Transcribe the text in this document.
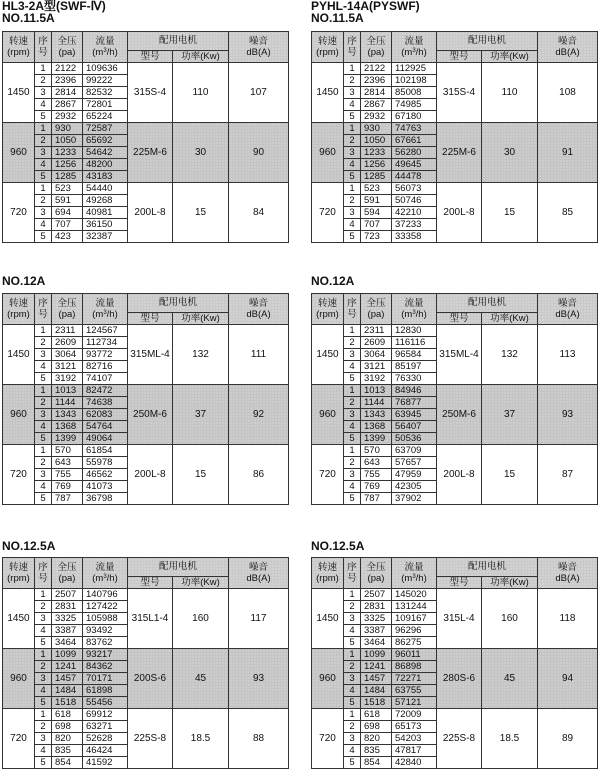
HL3-2A型(SWF-Ⅳ)
NO.11.5A
转速
(rpm)	序
号	全压
(pa)	流量
$(m^3/h)$	配用电机		噪音
dB(A)
				型号	功率(Kw)	
1450	1	2122	109636	315S-4	110	107
	2	2396	99222			
	3	2814	82532			
	4	2867	72801			
	5	2932	65224			
960	1	930	72587	225M-6	30	90
	2	1050	65692			
	3	1233	54642			
	4	1256	48200			
	5	1285	43183			
720	1	523	54440	200L-8	15	84
	2	591	49268			
	3	694	40981			
	4	707	36150			
	5	423	32387			
PYHL-14A(PYSWF)
NO.11.5A
转速
(rpm)	序
号	全压
(pa)	流量
$(m^3/h)$	配用电机		噪音
dB(A)
				型号	功率(Kw)	
1450	1	2122	112925	315S-4	110	108
	2	2396	102198			
	3	2814	85008			
	4	2867	74985			
	5	2932	67180			
960	1	930	74763	225M-6	30	91
	2	1050	67661			
	3	1233	56280			
	4	1256	49645			
	5	1285	44478			
720	1	523	56073	200L-8	15	85
	2	591	50746			
	3	594	42210			
	4	707	37233			
	5	723	33358			
NO.12A
转速
(rpm)	序
号	全压
(pa)	流量
$(m^3/h)$	配用电机		噪音
dB(A)
				型号	功率(Kw)	
1450	1	2311	124567	315ML-4	132	111
	2	2609	112734			
	3	3064	93772			
	4	3121	82716			
	5	3192	74107			
960	1	1013	82472	250M-6	37	92
	2	1144	74638			
	3	1343	62083			
	4	1368	54764			
	5	1399	49064			
720	1	570	61854	200L-8	15	86
	2	643	55978			
	3	755	46562			
	4	769	41073			
	5	787	36798			
NO.12A
转速
(rpm)	序
号	全压
(pa)	流量
$(m^3/h)$	配用电机		噪音
dB(A)
				型号	功率(Kw)	
1450	1	2311	12830	315ML-4	132	113
	2	2609	116116			
	3	3064	96584			
	4	3121	85197			
	5	3192	76330			
960	1	1013	84946	250M-6	37	93
	2	1144	76877			
	3	1343	63945			
	4	1368	56407			
	5	1399	50536			
720	1	570	63709	200L-8	15	87
	2	643	57657			
	3	755	47959			
	4	769	42305			
	5	787	37902			
NO.12.5A
转速
(rpm)	序
号	全压
(pa)	流量
$(m^3/h)$	配用电机		噪音
dB(A)
				型号	功率(Kw)	
1450	1	2507	140796	315L1-4	160	117
	2	2831	127422			
	3	3325	105988			
	4	3387	93492			
	5	3464	83762			
960	1	1099	93217	200S-6	45	93
	2	1241	84362			
	3	1457	70171			
	4	1484	61898			
	5	1518	55456			
720	1	618	69912	225S-8	18.5	88
	2	698	63271			
	3	820	52628			
	4	835	46424			
	5	854	41592			
NO.12.5A
转速
(rpm)	序
号	全压
(pa)	流量
$(m^3/h)$	配用电机		噪音
dB(A)
				型号	功率(Kw)	
1450	1	2507	145020	315L-4	160	118
	2	2831	131244			
	3	3325	109167			
	4	3387	96296			
	5	3464	86275			
960	1	1099	96011	280S-6	45	94
	2	1241	86898			
	3	1457	72271			
	4	1484	63755			
	5	1518	57121			
720	1	618	72009	225S-8	18.5	89
	2	698	65173			
	3	820	54203			
	4	835	47817			
	5	854	42840			
